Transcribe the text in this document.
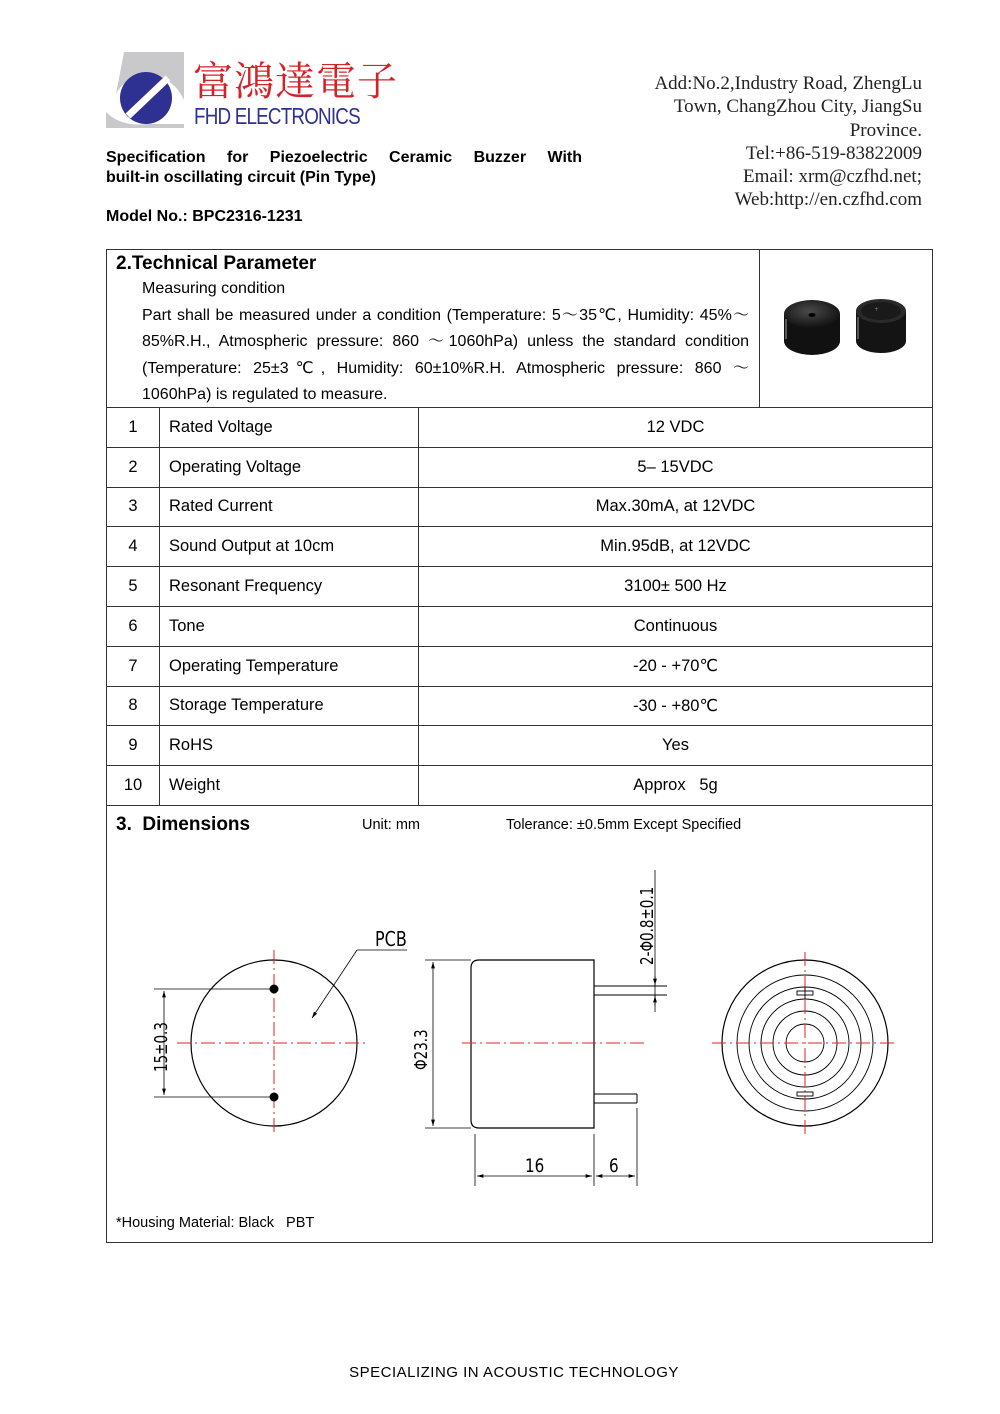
富鴻達電子
FHD ELECTRONICS
Specification for Piezoelectric Ceramic Buzzer With
built-in oscillating circuit (Pin Type)
Model No.: BPC2316-1231
Add:No.2,Industry Road, ZhengLu
Town, ChangZhou City, JiangSu
Province.
Tel:+86-519-83822009
Email: xrm@czfhd.net;
Web:http://en.czfhd.com
2.Technical Parameter
Measuring condition
Part shall be measured under a condition (Temperature: 5～35℃, Humidity: 45%～85%R.H., Atmospheric pressure: 860 ～1060hPa) unless the standard condition (Temperature: 25±3℃, Humidity: 60±10%R.H. Atmospheric pressure: 860 ～1060hPa) is regulated to measure.
+
1	Rated Voltage	12 VDC
2	Operating Voltage	5– 15VDC
3	Rated Current	Max.30mA, at 12VDC
4	Sound Output at 10cm	Min.95dB, at 12VDC
5	Resonant Frequency	3100± 500 Hz
6	Tone	Continuous
7	Operating Temperature	-20 - +70℃
8	Storage Temperature	-30 - +80℃
9	RoHS	Yes
10	Weight	Approx   5g
3.  Dimensions	Unit: mm	Tolerance: ±0.5mm Except Specified
15±0.3
PCB
Φ23.3
2-Φ0.8±0.1
16	6
*Housing Material: Black   PBT
SPECIALIZING IN ACOUSTIC TECHNOLOGY
